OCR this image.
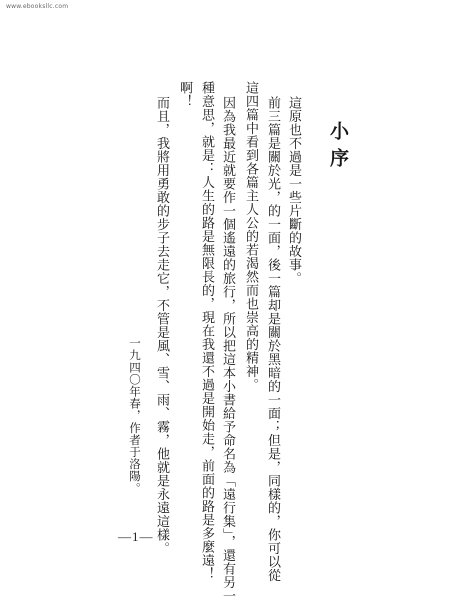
www.ebooksllc.com
小序
這原也不過是一些片斷的故事。
前三篇是關於光，的一面，後一篇却是關於黑暗的一面；但是，同樣的，你可以從
這四篇中看到各篇主人公的若渴然而也崇高的精神。
因為我最近就要作一個遙遠的旅行，所以把這本小書給予命名為「遠行集」，還有另一
種意思，就是：人生的路是無限長的，現在我還不過是開始走，前面的路是多麼遠！
啊！
而且，我將用勇敢的步子去走它，不管是風、雪、雨、霧，他就是永遠這樣。
一九四〇年春，作者于洛陽。
—1—
